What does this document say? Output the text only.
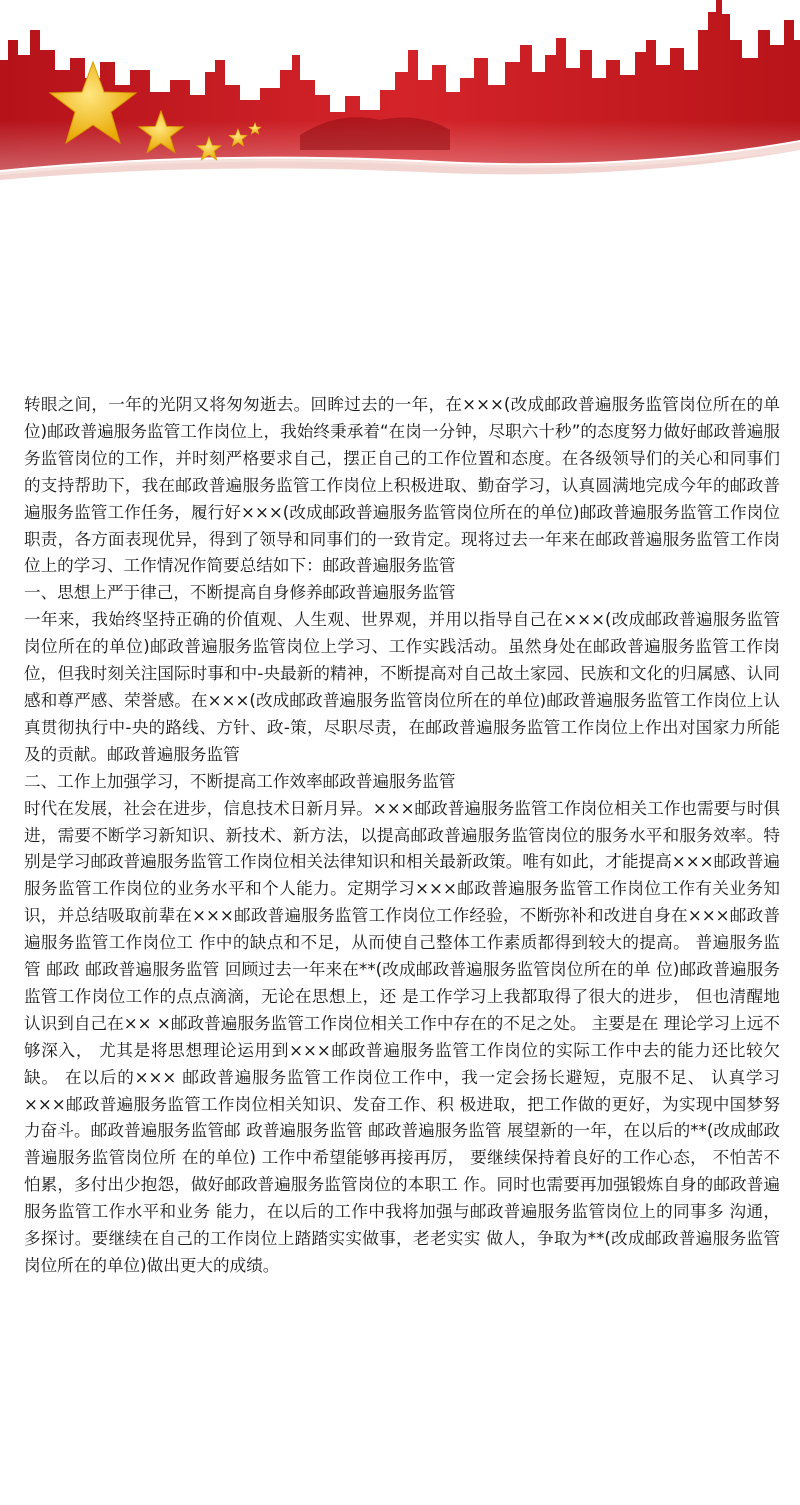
转眼之间，一年的光阴又将匆匆逝去。回眸过去的一年，在×××(改成邮政普遍服务监管岗位所在的单位)邮政普遍服务监管工作岗位上，我始终秉承着“在岗一分钟，尽职六十秒”的态度努力做好邮政普遍服务监管岗位的工作，并时刻严格要求自己，摆正自己的工作位置和态度。在各级领导们的关心和同事们的支持帮助下，我在邮政普遍服务监管工作岗位上积极进取、勤奋学习，认真圆满地完成今年的邮政普遍服务监管工作任务，履行好×××(改成邮政普遍服务监管岗位所在的单位)邮政普遍服务监管工作岗位职责，各方面表现优异，得到了领导和同事们的一致肯定。现将过去一年来在邮政普遍服务监管工作岗位上的学习、工作情况作简要总结如下：邮政普遍服务监管

一、思想上严于律己，不断提高自身修养邮政普遍服务监管

一年来，我始终坚持正确的价值观、人生观、世界观，并用以指导自己在×××(改成邮政普遍服务监管岗位所在的单位)邮政普遍服务监管岗位上学习、工作实践活动。虽然身处在邮政普遍服务监管工作岗位，但我时刻关注国际时事和中-央最新的精神，不断提高对自己故土家园、民族和文化的归属感、认同感和尊严感、荣誉感。在×××(改成邮政普遍服务监管岗位所在的单位)邮政普遍服务监管工作岗位上认真贯彻执行中-央的路线、方针、政-策，尽职尽责，在邮政普遍服务监管工作岗位上作出对国家力所能及的贡献。邮政普遍服务监管

二、工作上加强学习，不断提高工作效率邮政普遍服务监管

时代在发展，社会在进步，信息技术日新月异。×××邮政普遍服务监管工作岗位相关工作也需要与时俱进，需要不断学习新知识、新技术、新方法，以提高邮政普遍服务监管岗位的服务水平和服务效率。特别是学习邮政普遍服务监管工作岗位相关法律知识和相关最新政策。唯有如此，才能提高×××邮政普遍服务监管工作岗位的业务水平和个人能力。定期学习×××邮政普遍服务监管工作岗位工作有关业务知识，并总结吸取前辈在×××邮政普遍服务监管工作岗位工作经验，不断弥补和改进自身在×××邮政普遍服务监管工作岗位工 作中的缺点和不足，从而使自己整体工作素质都得到较大的提高。 普遍服务监管 邮政 邮政普遍服务监管 回顾过去一年来在**(改成邮政普遍服务监管岗位所在的单 位)邮政普遍服务监管工作岗位工作的点点滴滴，无论在思想上，还 是工作学习上我都取得了很大的进步， 但也清醒地认识到自己在×× ×邮政普遍服务监管工作岗位相关工作中存在的不足之处。 主要是在 理论学习上远不够深入， 尤其是将思想理论运用到×××邮政普遍服务监管工作岗位的实际工作中去的能力还比较欠缺。 在以后的××× 邮政普遍服务监管工作岗位工作中，我一定会扬长避短，克服不足、 认真学习×××邮政普遍服务监管工作岗位相关知识、发奋工作、积 极进取，把工作做的更好，为实现中国梦努力奋斗。邮政普遍服务监管邮 政普遍服务监管 邮政普遍服务监管 展望新的一年，在以后的**(改成邮政普遍服务监管岗位所 在的单位) 工作中希望能够再接再厉， 要继续保持着良好的工作心态， 不怕苦不怕累，多付出少抱怨，做好邮政普遍服务监管岗位的本职工 作。同时也需要再加强锻炼自身的邮政普遍服务监管工作水平和业务 能力，在以后的工作中我将加强与邮政普遍服务监管岗位上的同事多 沟通，多探讨。要继续在自己的工作岗位上踏踏实实做事，老老实实 做人，争取为**(改成邮政普遍服务监管岗位所在的单位)做出更大的成绩。
